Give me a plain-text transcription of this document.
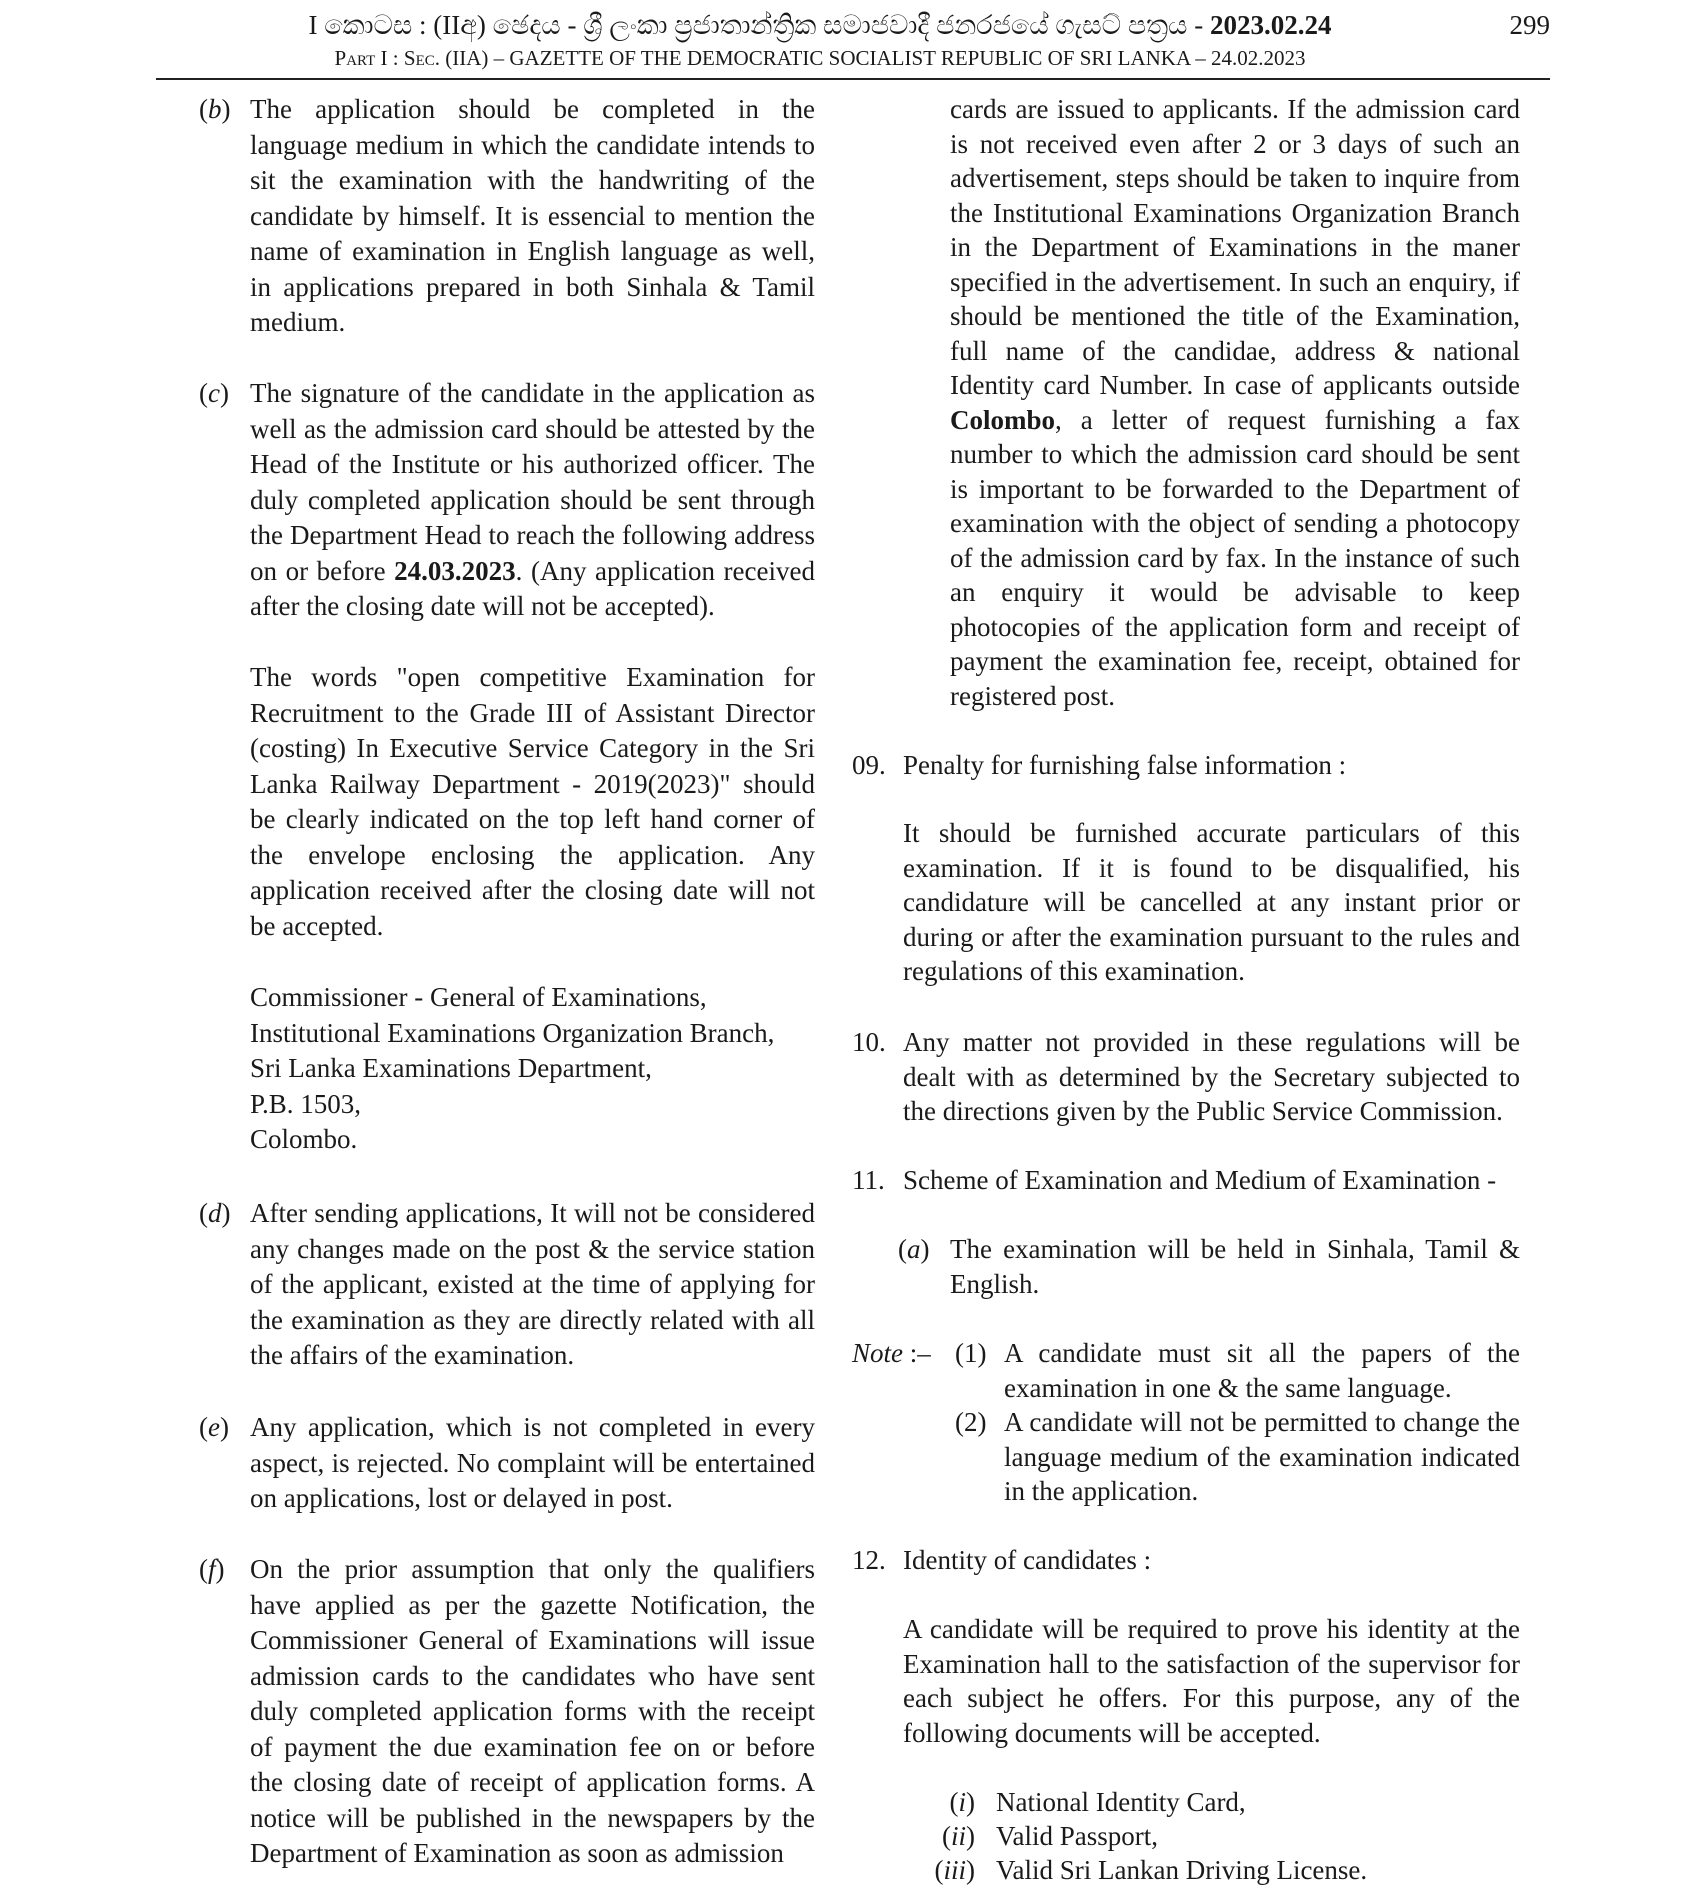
I කොටස : (IIඅ) ඡෙදය - ශ්‍රී ලංකා ප්‍රජාතාන්ත්‍රික සමාජවාදී ජනරජයේ ගැසට් පත්‍රය - 2023.02.24	299
Part I : Sec. (IIA) – GAZETTE OF THE DEMOCRATIC SOCIALIST REPUBLIC OF SRI LANKA – 24.02.2023
(b) The application should be completed in the language medium in which the candidate intends to sit the examination with the handwriting of the candidate by himself. It is essencial to mention the name of examination in English language as well, in applications prepared in both Sinhala & Tamil medium.
(c) The signature of the candidate in the application as well as the admission card should be attested by the Head of the Institute or his authorized officer. The duly completed application should be sent through the Department Head to reach the following address on or before 24.03.2023. (Any application received after the closing date will not be accepted).
The words "open competitive Examination for Recruitment to the Grade III of Assistant Director (costing) In Executive Service Category in the Sri Lanka Railway Department - 2019(2023)" should be clearly indicated on the top left hand corner of the envelope enclosing the application. Any application received after the closing date will not be accepted.
Commissioner - General of Examinations,
Institutional Examinations Organization Branch,
Sri Lanka Examinations Department,
P.B. 1503,
Colombo.
(d) After sending applications, It will not be considered any changes made on the post & the service station of the applicant, existed at the time of applying for the examination as they are directly related with all the affairs of the examination.
(e) Any application, which is not completed in every aspect, is rejected. No complaint will be entertained on applications, lost or delayed in post.
(f) On the prior assumption that only the qualifiers have applied as per the gazette Notification, the Commissioner General of Examinations will issue admission cards to the candidates who have sent duly completed application forms with the receipt of payment the due examination fee on or before the closing date of receipt of application forms. A notice will be published in the newspapers by the Department of Examination as soon as admission
cards are issued to applicants. If the admission card is not received even after 2 or 3 days of such an advertisement, steps should be taken to inquire from the Institutional Examinations Organization Branch in the Department of Examinations in the maner specified in the advertisement. In such an enquiry, if should be mentioned the title of the Examination, full name of the candidae, address & national Identity card Number. In case of applicants outside Colombo, a letter of request furnishing a fax number to which the admission card should be sent is important to be forwarded to the Department of examination with the object of sending a photocopy of the admission card by fax. In the instance of such an enquiry it would be advisable to keep photocopies of the application form and receipt of payment the examination fee, receipt, obtained for registered post.
09. Penalty for furnishing false information :
It should be furnished accurate particulars of this examination. If it is found to be disqualified, his candidature will be cancelled at any instant prior or during or after the examination pursuant to the rules and regulations of this examination.
10. Any matter not provided in these regulations will be dealt with as determined by the Secretary subjected to the directions given by the Public Service Commission.
11. Scheme of Examination and Medium of Examination -
(a) The examination will be held in Sinhala, Tamil & English.
Note :– (1) A candidate must sit all the papers of the examination in one & the same language.
(2) A candidate will not be permitted to change the language medium of the examination indicated in the application.
12. Identity of candidates :
A candidate will be required to prove his identity at the Examination hall to the satisfaction of the supervisor for each subject he offers. For this purpose, any of the following documents will be accepted.
(i) National Identity Card,
(ii) Valid Passport,
(iii) Valid Sri Lankan Driving License.
